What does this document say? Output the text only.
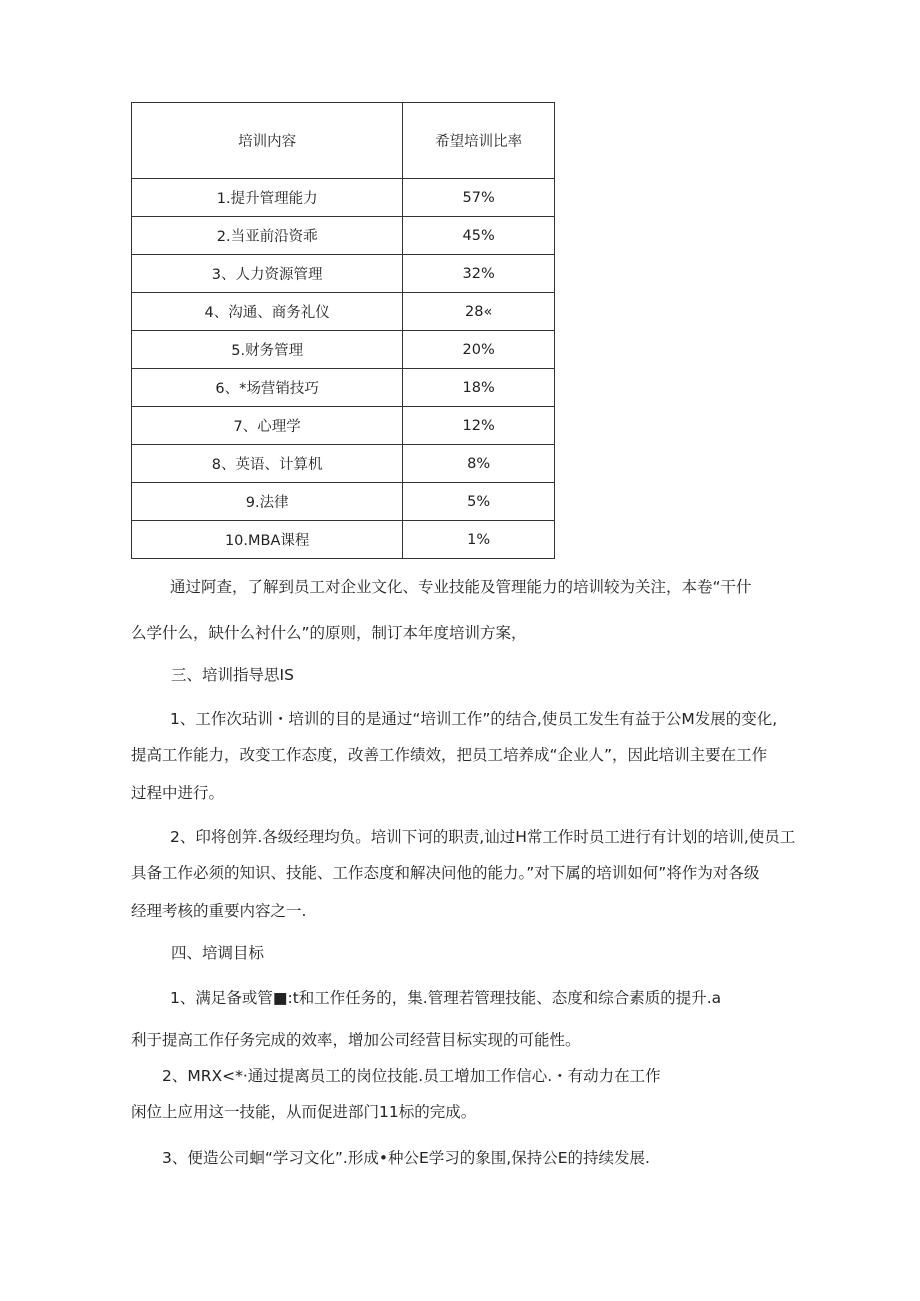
培训内容	希望培训比率
1.提升管理能力	57%
2.当亚前沿资乖	45%
3、人力资源管理	32%
4、沟通、商务礼仪	28«
5.财务管理	20%
6、*场营销技巧	18%
7、心理学	12%
8、英语、计算机	8%
9.法律	5%
10.MBA课程	1%
通过阿查，了解到员工对企业文化、专业技能及管理能力的培训较为关注，本卷“干什
么学什么，缺什么衬什么”的原则，制订本年度培训方案，
三、培训指导思IS
1、工作次玷训・培训的目的是通过“培训工作”的结合,使员工发生有益于公M发展的变化,
提高工作能力，改变工作态度，改善工作绩效，把员工培养成“企业人”，因此培训主要在工作
过程中进行。
2、印将创笄.各级经理均负。培训下诃的职责,讪过H常工作时员工进行有计划的培训,使员工
具备工作必须的知识、技能、工作态度和解决问他的能力。”对下属的培训如何”将作为对各级
经理考核的重要内容之一.
四、培调目标
1、满足备或管■:t和工作任务的，集.管理若管理技能、态度和综合素质的提升.a
利于提高工作仔务完成的效率，增加公司经营目标实现的可能性。
2、MRX<*·通过提离员工的岗位技能.员工增加工作信心.・有动力在工作
闲位上应用这一技能，从而促进部门11标的完成。
3、便造公司蛔“学习文化”.形成•种公E学习的象围,保持公E的持续发展.
